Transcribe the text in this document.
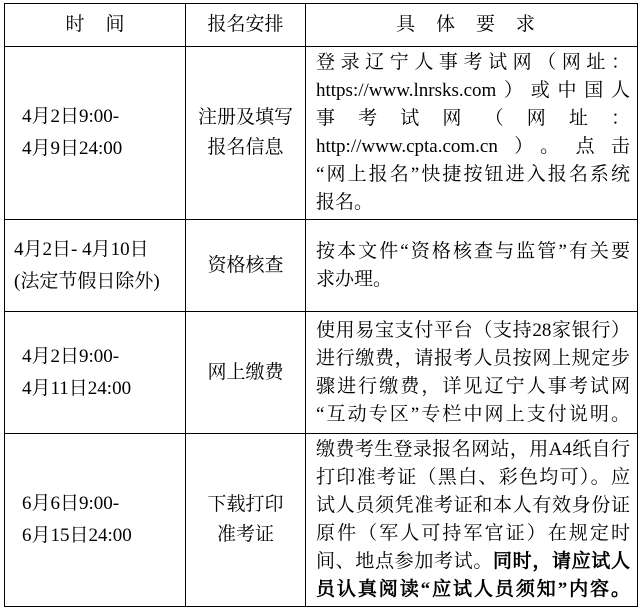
时 间	报名安排	具 体 要 求
4月2日9:00-
4月9日24:00
注册及填写
报名信息
登录辽宁人事考试网（网址：
https://www.lnrsks.com）或中国人
事考试网（网址：
http://www.cpta.com.cn）。点击
“网上报名”快捷按钮进入报名系统
报名。
4月2日- 4月10日
(法定节假日除外)
资格核查
按本文件“资格核查与监管”有关要
求办理。
4月2日9:00-
4月11日24:00
网上缴费
使用易宝支付平台（支持28家银行）
进行缴费，请报考人员按网上规定步
骤进行缴费，详见辽宁人事考试网
“互动专区”专栏中网上支付说明。
6月6日9:00-
6月15日24:00
下载打印
准考证
缴费考生登录报名网站，用A4纸自行
打印准考证（黑白、彩色均可）。应
试人员须凭准考证和本人有效身份证
原件（军人可持军官证）在规定时
间、地点参加考试。同时，请应试人
员认真阅读“应试人员须知”内容。
